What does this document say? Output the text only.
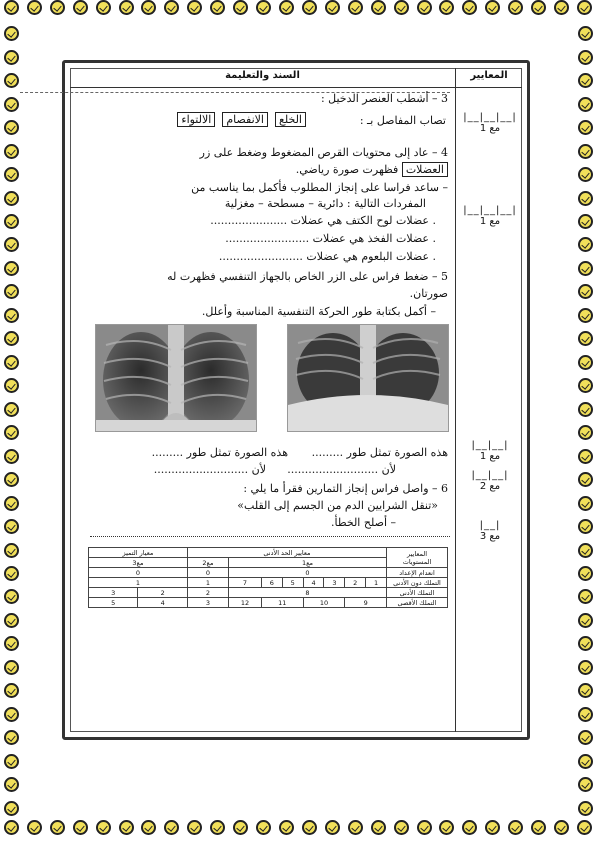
السند والتعليمة	المعايير
3 – أشطب العنصر الدخيل :
تصاب المفاصل بـ :
الخلع  الانفصام  الالتواء
4 – عاد إلى محتويات القرص المضغوط وضغط على زر
العضلات فظهرت صورة رياضي.
– ساعد فراسا على إنجاز المطلوب فأكمل بما يناسب من
المفردات التالية : دائرية – مسطحة – مغزلية
. عضلات لوح الكتف هي عضلات ......................
. عضلات الفخذ هي عضلات ........................
. عضلات البلعوم هي عضلات ........................
5 – ضغط فراس على الزر الخاص بالجهاز التنفسي فظهرت له
صورتان.
– أكمل بكتابة طور الحركة التنفسية المناسبة وأعلل.
هذه الصورة تمثل طور .........
هذه الصورة تمثل طور .........
لأن ..........................
لأن ...........................
6 – واصل فراس إنجاز التمارين فقرأ ما يلي :
«تنقل الشرايين الدم من الجسم إلى القلب»
– أصلح الخطأ.
|__|__|__|
مع 1
|__|__|__|
مع 1
|__|__|
مع 1
|__|__|
مع 2
|__|
مع 3
المعايير
المستويات	معايير الحد الأدنى								معيار التميز	
	مع1							مع2	مع3	
انعدام الإعداد	0							0	0	
التملك دون الأدنى	1	2	3	4	5	6	7	1	1	
التملك الأدنى	8							2	2	3
التملك الأقصى	9		10		11		12	3	4	5
